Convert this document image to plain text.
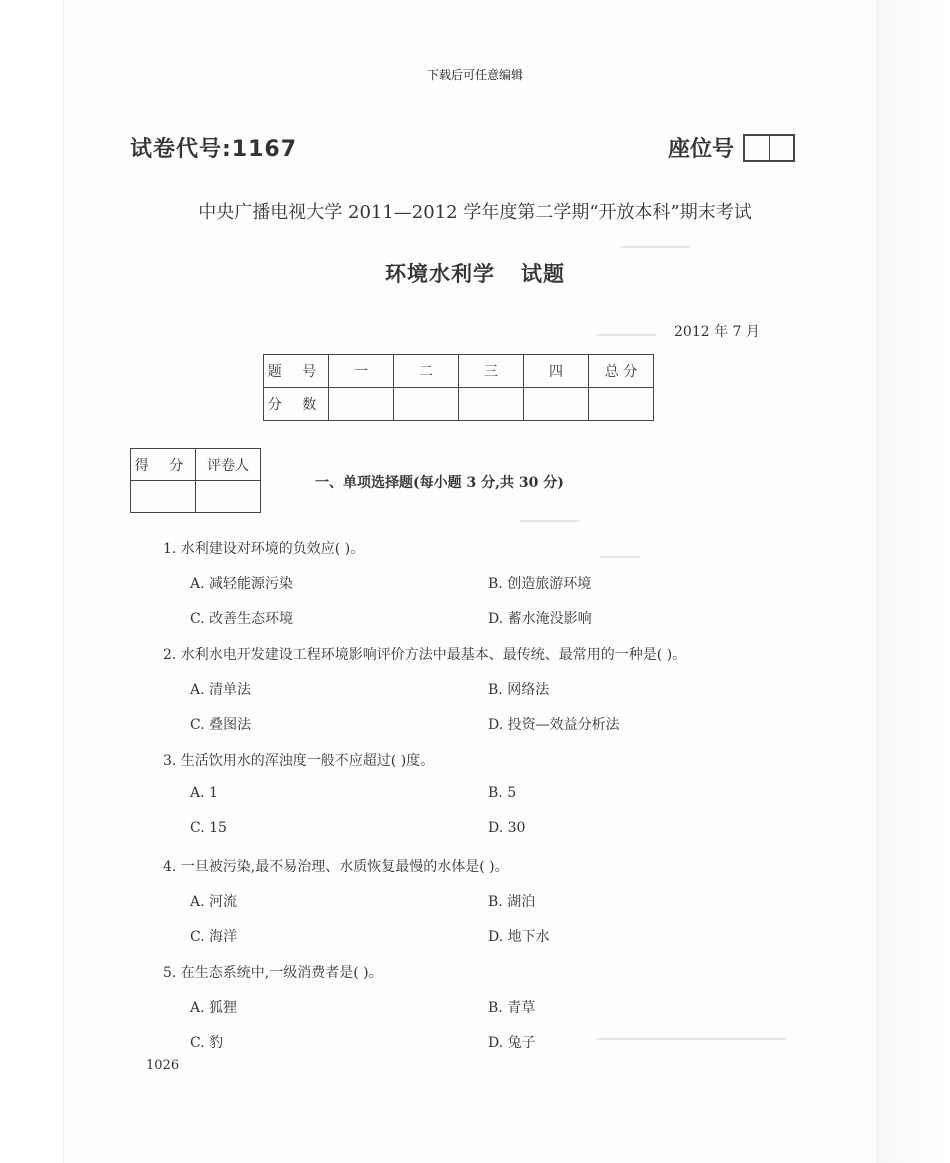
下载后可任意编辑
试卷代号:1167	座位号
中央广播电视大学 2011—2012 学年度第二学期“开放本科”期末考试
环境水利学 试题
2012 年 7 月
题 号	一	二	三	四	总 分
分 数					
得 分	评卷人

一、单项选择题(每小题 3 分,共 30 分)
1. 水利建设对环境的负效应( )。
A. 减轻能源污染	B. 创造旅游环境
C. 改善生态环境	D. 蓄水淹没影响
2. 水利水电开发建设工程环境影响评价方法中最基本、最传统、最常用的一种是( )。
A. 清单法	B. 网络法
C. 叠图法	D. 投资—效益分析法
3. 生活饮用水的浑浊度一般不应超过( )度。
A. 1	B. 5
C. 15	D. 30
4. 一旦被污染,最不易治理、水质恢复最慢的水体是( )。
A. 河流	B. 湖泊
C. 海洋	D. 地下水
5. 在生态系统中,一级消费者是( )。
A. 狐狸	B. 青草
C. 豹	D. 兔子
1026
